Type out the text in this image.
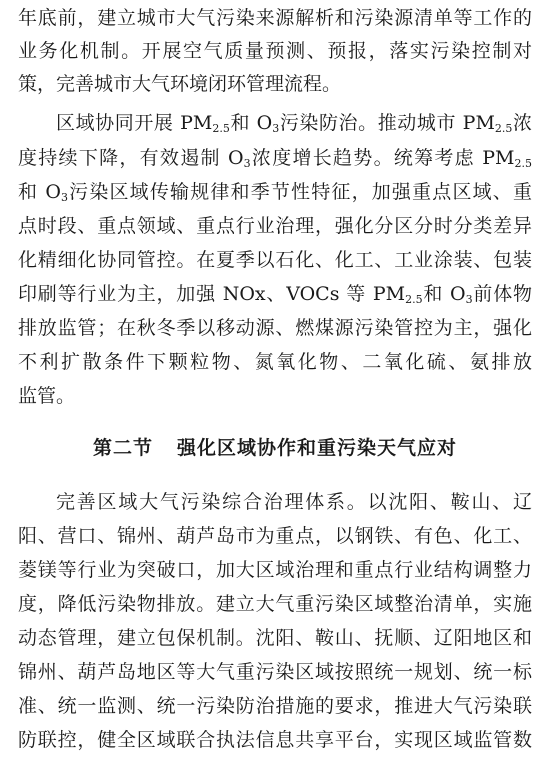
年底前，建立城市大气污染来源解析和污染源清单等工作的
业务化机制。开展空气质量预测、预报，落实污染控制对
策，完善城市大气环境闭环管理流程。
区域协同开展 $PM_{2.5}$和 $O_3$污染防治。推动城市 $PM_{2.5}$浓
度持续下降，有效遏制 $O_3$浓度增长趋势。统筹考虑 $PM_{2.5}$
和 $O_3$污染区域传输规律和季节性特征，加强重点区域、重
点时段、重点领域、重点行业治理，强化分区分时分类差异
化精细化协同管控。在夏季以石化、化工、工业涂装、包装
印刷等行业为主，加强 NOx、VOCs 等 $PM_{2.5}$和 $O_3$前体物
排放监管；在秋冬季以移动源、燃煤源污染管控为主，强化
不利扩散条件下颗粒物、氮氧化物、二氧化硫、氨排放
监管。
第二节 强化区域协作和重污染天气应对
完善区域大气污染综合治理体系。以沈阳、鞍山、辽
阳、营口、锦州、葫芦岛市为重点，以钢铁、有色、化工、
菱镁等行业为突破口，加大区域治理和重点行业结构调整力
度，降低污染物排放。建立大气重污染区域整治清单，实施
动态管理，建立包保机制。沈阳、鞍山、抚顺、辽阳地区和
锦州、葫芦岛地区等大气重污染区域按照统一规划、统一标
准、统一监测、统一污染防治措施的要求，推进大气污染联
防联控，健全区域联合执法信息共享平台，实现区域监管数
